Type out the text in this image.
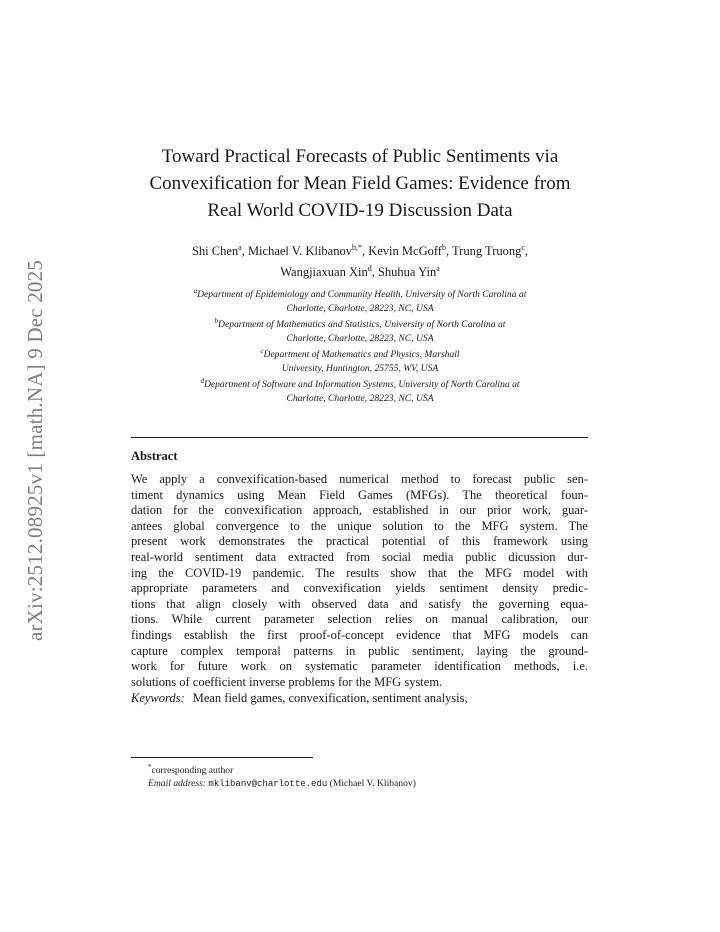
arXiv:2512.08925v1 [math.NA] 9 Dec 2025
Toward Practical Forecasts of Public Sentiments via
Convexification for Mean Field Games: Evidence from
Real World COVID-19 Discussion Data
Shi Chen$^a$, Michael V. Klibanov$^{b,*}$, Kevin McGoff$^b$, Trung Truong$^c$,
Wangjiaxuan Xin$^d$, Shuhua Yin$^a$
$^a$Department of Epidemiology and Community Health, University of North Carolina at
Charlotte, Charlotte, 28223, NC, USA
$^b$Department of Mathematics and Statistics, University of North Carolina at
Charlotte, Charlotte, 28223, NC, USA
$^c$Department of Mathematics and Physics, Marshall
University, Huntington, 25755, WV, USA
$^d$Department of Software and Information Systems, University of North Carolina at
Charlotte, Charlotte, 28223, NC, USA
Abstract
We apply a convexification-based numerical method to forecast public sen-
timent dynamics using Mean Field Games (MFGs). The theoretical foun-
dation for the convexification approach, established in our prior work, guar-
antees global convergence to the unique solution to the MFG system. The
present work demonstrates the practical potential of this framework using
real-world sentiment data extracted from social media public dicussion dur-
ing the COVID-19 pandemic. The results show that the MFG model with
appropriate parameters and convexification yields sentiment density predic-
tions that align closely with observed data and satisfy the governing equa-
tions. While current parameter selection relies on manual calibration, our
findings establish the first proof-of-concept evidence that MFG models can
capture complex temporal patterns in public sentiment, laying the ground-
work for future work on systematic parameter identification methods, i.e.
solutions of coefficient inverse problems for the MFG system.
Keywords: Mean field games, convexification, sentiment analysis,
*corresponding author
Email address: mklibanv@charlotte.edu (Michael V. Klibanov)
